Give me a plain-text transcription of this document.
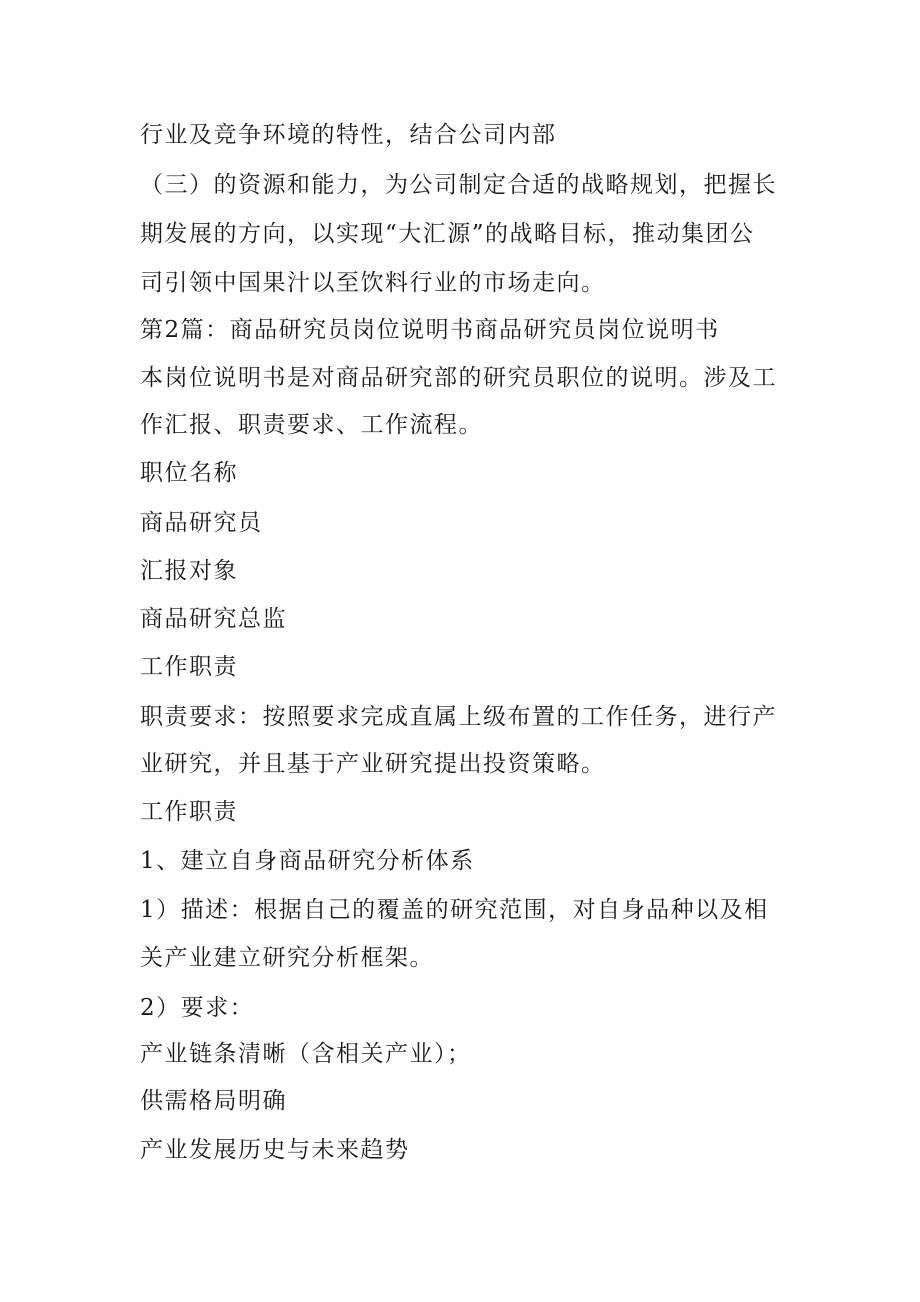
行业及竞争环境的特性，结合公司内部
（三）的资源和能力，为公司制定合适的战略规划，把握长
期发展的方向，以实现“大汇源”的战略目标，推动集团公
司引领中国果汁以至饮料行业的市场走向。
第2篇：商品研究员岗位说明书商品研究员岗位说明书
本岗位说明书是对商品研究部的研究员职位的说明。涉及工
作汇报、职责要求、工作流程。
职位名称
商品研究员
汇报对象
商品研究总监
工作职责
职责要求：按照要求完成直属上级布置的工作任务，进行产
业研究，并且基于产业研究提出投资策略。
工作职责
1、建立自身商品研究分析体系
1）描述：根据自己的覆盖的研究范围，对自身品种以及相
关产业建立研究分析框架。
2）要求：
产业链条清晰（含相关产业）；
供需格局明确
产业发展历史与未来趋势
